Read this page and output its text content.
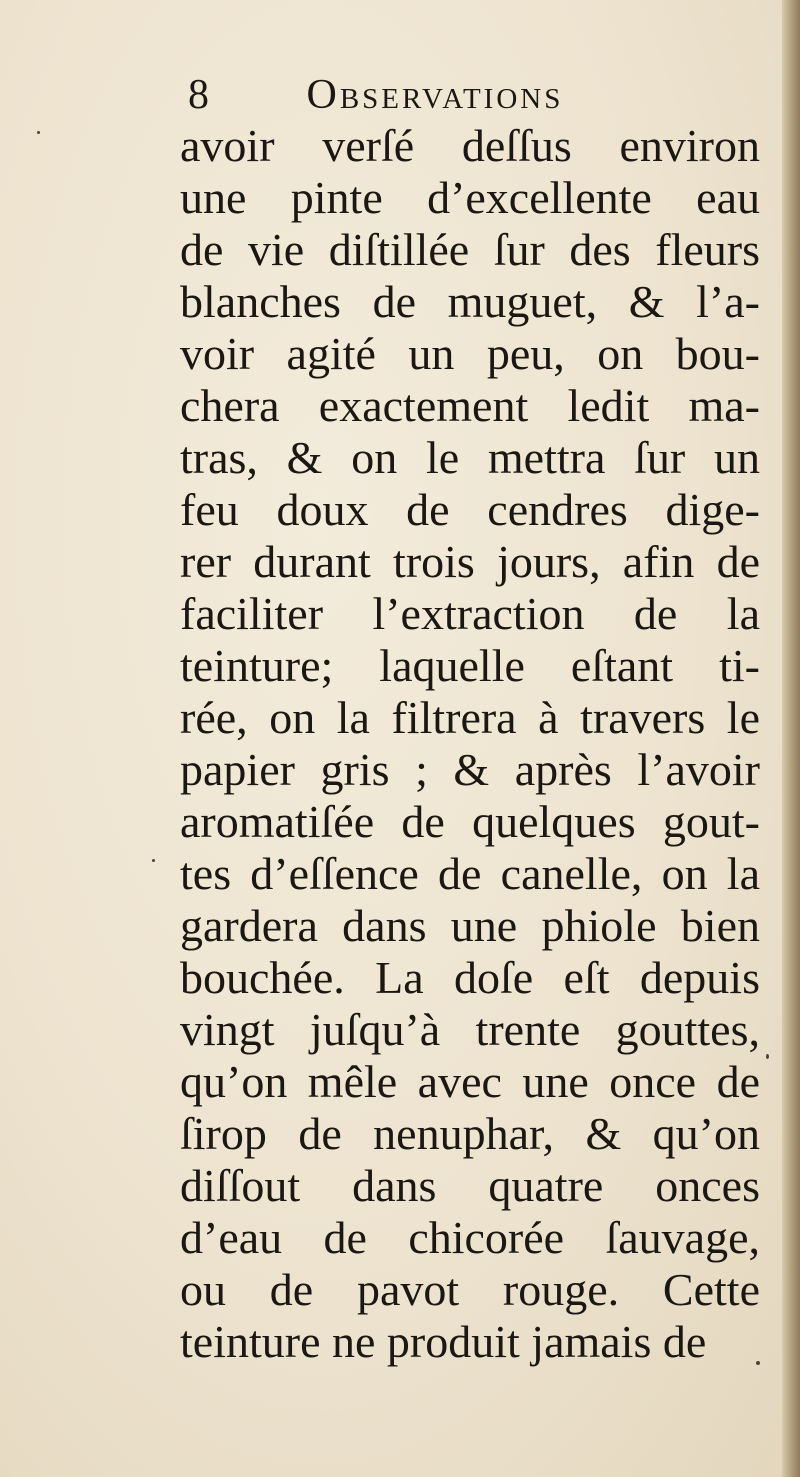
8 Observations
avoir verſé deſſus environ
une pinte d’excellente eau
de vie diſtillée ſur des fleurs
blanches de muguet, & l’a-
voir agité un peu, on bou-
chera exactement ledit ma-
tras, & on le mettra ſur un
feu doux de cendres dige-
rer durant trois jours, afin de
faciliter l’extraction de la
teinture; laquelle eſtant ti-
rée, on la filtrera à travers le
papier gris ; & après l’avoir
aromatiſée de quelques gout-
tes d’eſſence de canelle, on la
gardera dans une phiole bien
bouchée. La doſe eſt depuis
vingt juſqu’à trente gouttes,
qu’on mêle avec une once de
ſirop de nenuphar, & qu’on
diſſout dans quatre onces
d’eau de chicorée ſauvage,
ou de pavot rouge. Cette
teinture ne produit jamais de
